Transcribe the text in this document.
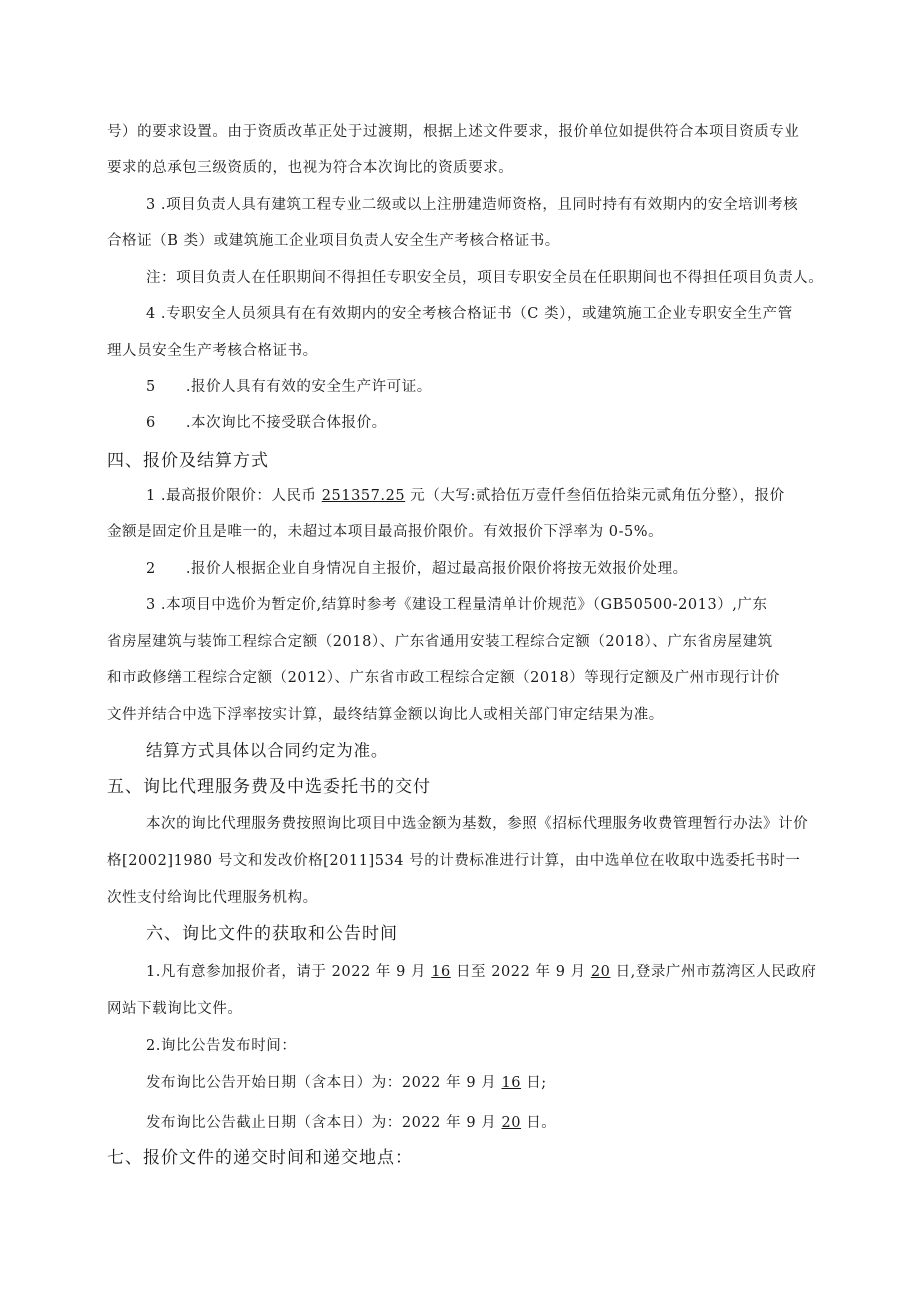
号）的要求设置。由于资质改革正处于过渡期，根据上述文件要求，报价单位如提供符合本项目资质专业
要求的总承包三级资质的，也视为符合本次询比的资质要求。
3 .项目负责人具有建筑工程专业二级或以上注册建造师资格，且同时持有有效期内的安全培训考核
合格证（B 类）或建筑施工企业项目负责人安全生产考核合格证书。
注：项目负责人在任职期间不得担任专职安全员，项目专职安全员在任职期间也不得担任项目负责人。
4 .专职安全人员须具有在有效期内的安全考核合格证书（C 类），或建筑施工企业专职安全生产管
理人员安全生产考核合格证书。
5　　.报价人具有有效的安全生产许可证。
6　　.本次询比不接受联合体报价。
四、报价及结算方式
1 .最高报价限价：人民币 251357.25 元（大写:贰拾伍万壹仟叁佰伍拾柒元贰角伍分整），报价
金额是固定价且是唯一的，未超过本项目最高报价限价。有效报价下浮率为 0-5%。
2　　.报价人根据企业自身情况自主报价，超过最高报价限价将按无效报价处理。
3 .本项目中选价为暂定价,结算时参考《建设工程量清单计价规范》（GB50500-2013）,广东
省房屋建筑与装饰工程综合定额（2018）、广东省通用安装工程综合定额（2018）、广东省房屋建筑
和市政修缮工程综合定额（2012）、广东省市政工程综合定额（2018）等现行定额及广州市现行计价
文件并结合中选下浮率按实计算，最终结算金额以询比人或相关部门审定结果为准。
结算方式具体以合同约定为准。
五、询比代理服务费及中选委托书的交付
本次的询比代理服务费按照询比项目中选金额为基数，参照《招标代理服务收费管理暂行办法》计价
格[2002]1980 号文和发改价格[2011]534 号的计费标准进行计算，由中选单位在收取中选委托书时一
次性支付给询比代理服务机构。
六、询比文件的获取和公告时间
1.凡有意参加报价者，请于 2022 年 9 月 16 日至 2022 年 9 月 20 日,登录广州市荔湾区人民政府
网站下载询比文件。
2.询比公告发布时间：
发布询比公告开始日期（含本日）为：2022 年 9 月 16 日;
发布询比公告截止日期（含本日）为：2022 年 9 月 20 日。
七、报价文件的递交时间和递交地点：
